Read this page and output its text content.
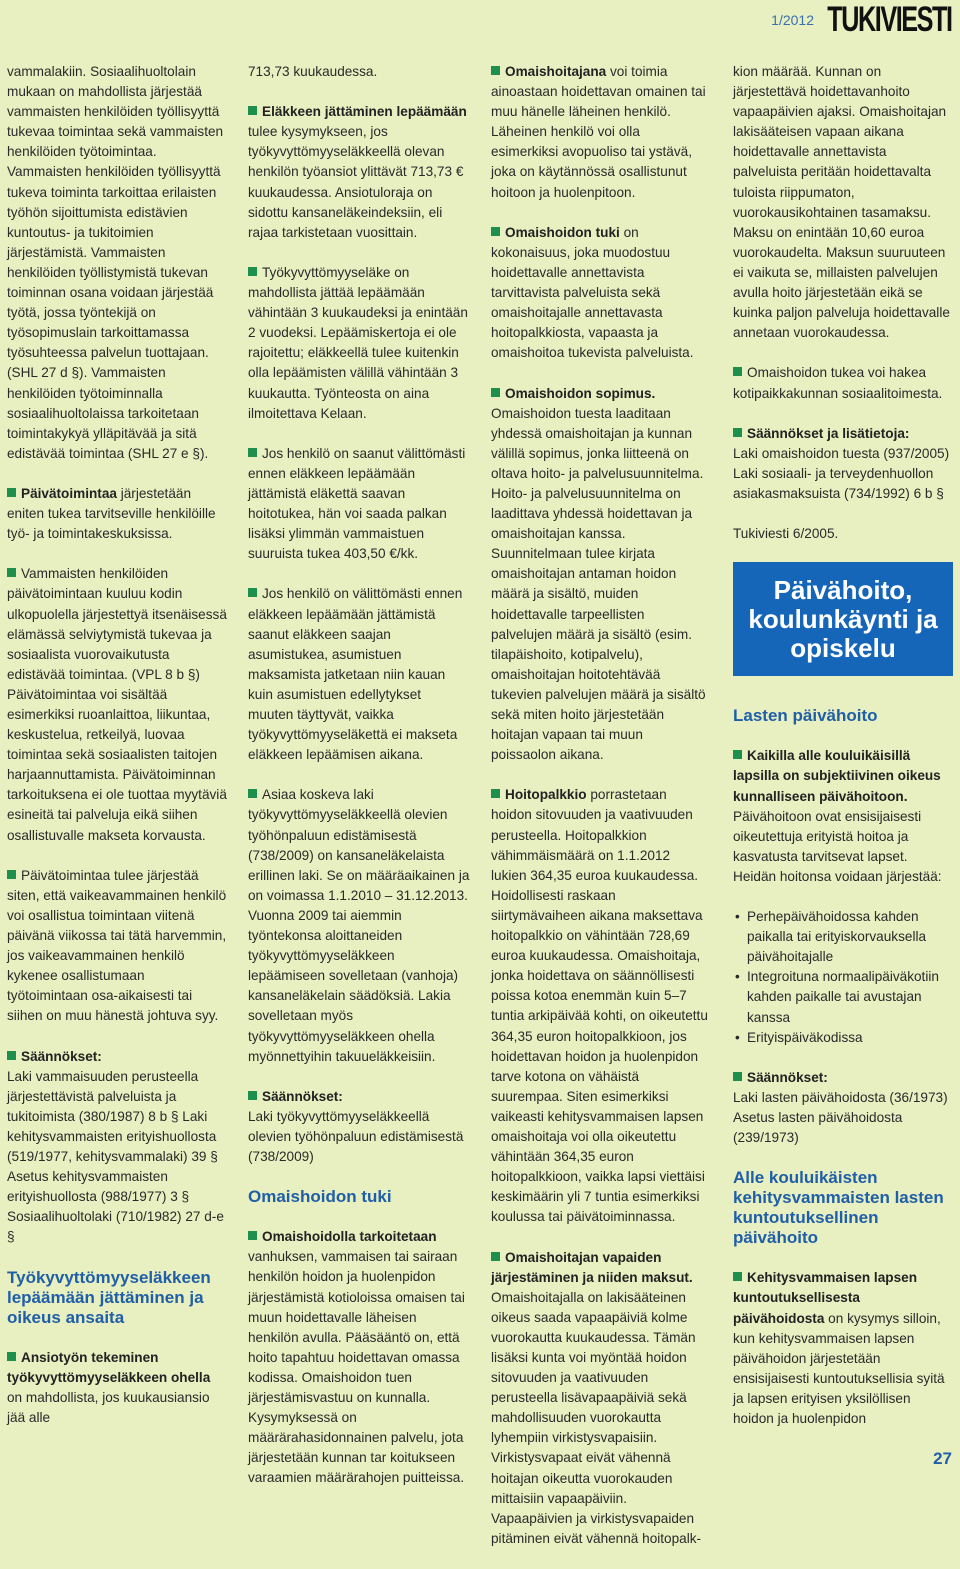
1/2012 TUKIVIESTI

vammalakiin. Sosiaalihuoltolain mukaan on mahdollista järjestää vammaisten henkilöiden työllisyyttä tukevaa toimintaa sekä vammaisten henkilöiden työtoimintaa. Vammaisten henkilöiden työllisyyttä tukeva toiminta tarkoittaa erilaisten työhön sijoittumista edistävien kuntoutus- ja tukitoimien järjestämistä. Vammaisten henkilöiden työllistymistä tukevan toiminnan osana voidaan järjestää työtä, jossa työntekijä on työsopimuslain tarkoittamassa työsuhteessa palvelun tuottajaan. (SHL 27 d §). Vammaisten henkilöiden työtoiminnalla sosiaalihuoltolaissa tarkoitetaan toimintakykyä ylläpitävää ja sitä edistävää toimintaa (SHL 27 e §).

Päivätoimintaa järjestetään eniten tukea tarvitseville henkilöille työ- ja toimintakeskuksissa.

Vammaisten henkilöiden päivätoimintaan kuuluu kodin ulkopuolella järjestettyä itsenäisessä elämässä selviytymistä tukevaa ja sosiaalista vuorovaikutusta edistävää toimintaa. (VPL 8 b §) Päivätoimintaa voi sisältää esimerkiksi ruoanlaittoa, liikuntaa, keskustelua, retkeilyä, luovaa toimintaa sekä sosiaalisten taitojen harjaannuttamista. Päivätoiminnan tarkoituksena ei ole tuottaa myytäviä esineitä tai palveluja eikä siihen osallistuvalle makseta korvausta.

Päivätoimintaa tulee järjestää siten, että vaikeavammainen henkilö voi osallistua toimintaan viitenä päivänä viikossa tai tätä harvemmin, jos vaikeavammainen henkilö kykenee osallistumaan työtoimintaan osa-aikaisesti tai siihen on muu hänestä johtuva syy.

Säännökset:
Laki vammaisuuden perusteella järjestettävistä palveluista ja tukitoimista (380/1987) 8 b § Laki kehitysvammaisten erityishuollosta (519/1977, kehitysvammalaki) 39 § Asetus kehitysvammaisten erityishuollosta (988/1977) 3 § Sosiaalihuoltolaki (710/1982) 27 d-e §

Työkyvyttömyyseläkkeen lepäämään jättäminen ja oikeus ansaita

Ansiotyön tekeminen työkyvyttömyyseläkkeen ohella on mahdollista, jos kuukausiansio jää alle

713,73 kuukaudessa.

Eläkkeen jättäminen lepäämään tulee kysymykseen, jos työkyvyttömyyseläkkeellä olevan henkilön työansiot ylittävät 713,73 € kuukaudessa. Ansiotuloraja on sidottu kansaneläkeindeksiin, eli rajaa tarkistetaan vuosittain.

Työkyvyttömyyseläke on mahdollista jättää lepäämään vähintään 3 kuukaudeksi ja enintään 2 vuodeksi. Lepäämiskertoja ei ole rajoitettu; eläkkeellä tulee kuitenkin olla lepäämisten välillä vähintään 3 kuukautta. Työnteosta on aina ilmoitettava Kelaan.

Jos henkilö on saanut välittömästi ennen eläkkeen lepäämään jättämistä eläkettä saavan hoitotukea, hän voi saada palkan lisäksi ylimmän vammaistuen suuruista tukea 403,50 €/kk.

Jos henkilö on välittömästi ennen eläkkeen lepäämään jättämistä saanut eläkkeen saajan asumistukea, asumistuen maksamista jatketaan niin kauan kuin asumistuen edellytykset muuten täyttyvät, vaikka työkyvyttömyyseläkettä ei makseta eläkkeen lepäämisen aikana.

Asiaa koskeva laki työkyvyttömyyseläkkeellä olevien työhönpaluun edistämisestä (738/2009) on kansaneläkelaista erillinen laki. Se on määräaikainen ja on voimassa 1.1.2010 – 31.12.2013. Vuonna 2009 tai aiemmin työntekonsa aloittaneiden työkyvyttömyyseläkkeen lepäämiseen sovelletaan (vanhoja) kansaneläkelain säädöksiä. Lakia sovelletaan myös työkyvyttömyyseläkkeen ohella myönnettyihin takuueläkkeisiin.

Säännökset:
Laki työkyvyttömyyseläkkeellä olevien työhönpaluun edistämisestä (738/2009)

Omaishoidon tuki

Omaishoidolla tarkoitetaan vanhuksen, vammaisen tai sairaan henkilön hoidon ja huolenpidon järjestämistä kotioloissa omaisen tai muun hoidettavalle läheisen henkilön avulla. Pääsääntö on, että hoito tapahtuu hoidettavan omassa kodissa. Omaishoidon tuen järjestämisvastuu on kunnalla. Kysymyksessä on määrärahasidonnainen palvelu, jota järjestetään kunnan tar koitukseen varaamien määrärahojen puitteissa.

Omaishoitajana voi toimia ainoastaan hoidettavan omainen tai muu hänelle läheinen henkilö. Läheinen henkilö voi olla esimerkiksi avopuoliso tai ystävä, joka on käytännössä osallistunut hoitoon ja huolenpitoon.

Omaishoidon tuki on kokonaisuus, joka muodostuu hoidettavalle annettavista tarvittavista palveluista sekä omaishoitajalle annettavasta hoitopalkkiosta, vapaasta ja omaishoitoa tukevista palveluista.

Omaishoidon sopimus. Omaishoidon tuesta laaditaan yhdessä omaishoitajan ja kunnan välillä sopimus, jonka liitteenä on oltava hoito- ja palvelusuunnitelma. Hoito- ja palvelusuunnitelma on laadittava yhdessä hoidettavan ja omaishoitajan kanssa. Suunnitelmaan tulee kirjata omaishoitajan antaman hoidon määrä ja sisältö, muiden hoidettavalle tarpeellisten palvelujen määrä ja sisältö (esim. tilapäishoito, kotipalvelu), omaishoitajan hoitotehtävää tukevien palvelujen määrä ja sisältö sekä miten hoito järjestetään hoitajan vapaan tai muun poissaolon aikana.

Hoitopalkkio porrastetaan hoidon sitovuuden ja vaativuuden perusteella. Hoitopalkkion vähimmäismäärä on 1.1.2012 lukien 364,35 euroa kuukaudessa. Hoidollisesti raskaan siirtymävaiheen aikana maksettava hoitopalkkio on vähintään 728,69 euroa kuukaudessa. Omaishoitaja, jonka hoidettava on säännöllisesti poissa kotoa enemmän kuin 5–7 tuntia arkipäivää kohti, on oikeutettu 364,35 euron hoitopalkkioon, jos hoidettavan hoidon ja huolenpidon tarve kotona on vähäistä suurempaa. Siten esimerkiksi vaikeasti kehitysvammaisen lapsen omaishoitaja voi olla oikeutettu vähintään 364,35 euron hoitopalkkioon, vaikka lapsi viettäisi keskimäärin yli 7 tuntia esimerkiksi koulussa tai päivätoiminnassa.

Omaishoitajan vapaiden järjestäminen ja niiden maksut. Omaishoitajalla on lakisääteinen oikeus saada vapaapäiviä kolme vuorokautta kuukaudessa. Tämän lisäksi kunta voi myöntää hoidon sitovuuden ja vaativuuden perusteella lisävapaapäiviä sekä mahdollisuuden vuorokautta lyhempiin virkistysvapaisiin. Virkistysvapaat eivät vähennä hoitajan oikeutta vuorokauden mittaisiin vapaapäiviin. Vapaapäivien ja virkistysvapaiden pitäminen eivät vähennä hoitopalk-

kion määrää. Kunnan on järjestettävä hoidettavanhoito vapaapäivien ajaksi. Omaishoitajan lakisääteisen vapaan aikana hoidettavalle annettavista palveluista peritään hoidettavalta tuloista riippumaton, vuorokausikohtainen tasamaksu. Maksu on enintään 10,60 euroa vuorokaudelta. Maksun suuruuteen ei vaikuta se, millaisten palvelujen avulla hoito järjestetään eikä se kuinka paljon palveluja hoidettavalle annetaan vuorokaudessa.

Omaishoidon tukea voi hakea kotipaikkakunnan sosiaalitoimesta.

Säännökset ja lisätietoja:
Laki omaishoidon tuesta (937/2005) Laki sosiaali- ja terveydenhuollon asiakasmaksuista (734/1992) 6 b §

Tukiviesti 6/2005.

Päivähoito, koulunkäynti ja opiskelu
Lasten päivähoito

Kaikilla alle kouluikäisillä lapsilla on subjektiivinen oikeus kunnalliseen päivähoitoon. Päivähoitoon ovat ensisijaisesti oikeutettuja erityistä hoitoa ja kasvatusta tarvitsevat lapset. Heidän hoitonsa voidaan järjestää:

• Perhepäivähoidossa kahden paikalla tai erityiskorvauksella päivähoitajalle
• Integroituna normaalipäiväkotiin kahden paikalle tai avustajan kanssa
• Erityispäiväkodissa

Säännökset:
Laki lasten päivähoidosta (36/1973) Asetus lasten päivähoidosta (239/1973)

Alle kouluikäisten kehitysvammaisten lasten kuntoutuksellinen päivähoito

Kehitysvammaisen lapsen kuntoutuksellisesta päivähoidosta on kysymys silloin, kun kehitysvammaisen lapsen päivähoidon järjestetään ensisijaisesti kuntoutuksellisia syitä ja lapsen erityisen yksilöllisen hoidon ja huolenpidon

27
